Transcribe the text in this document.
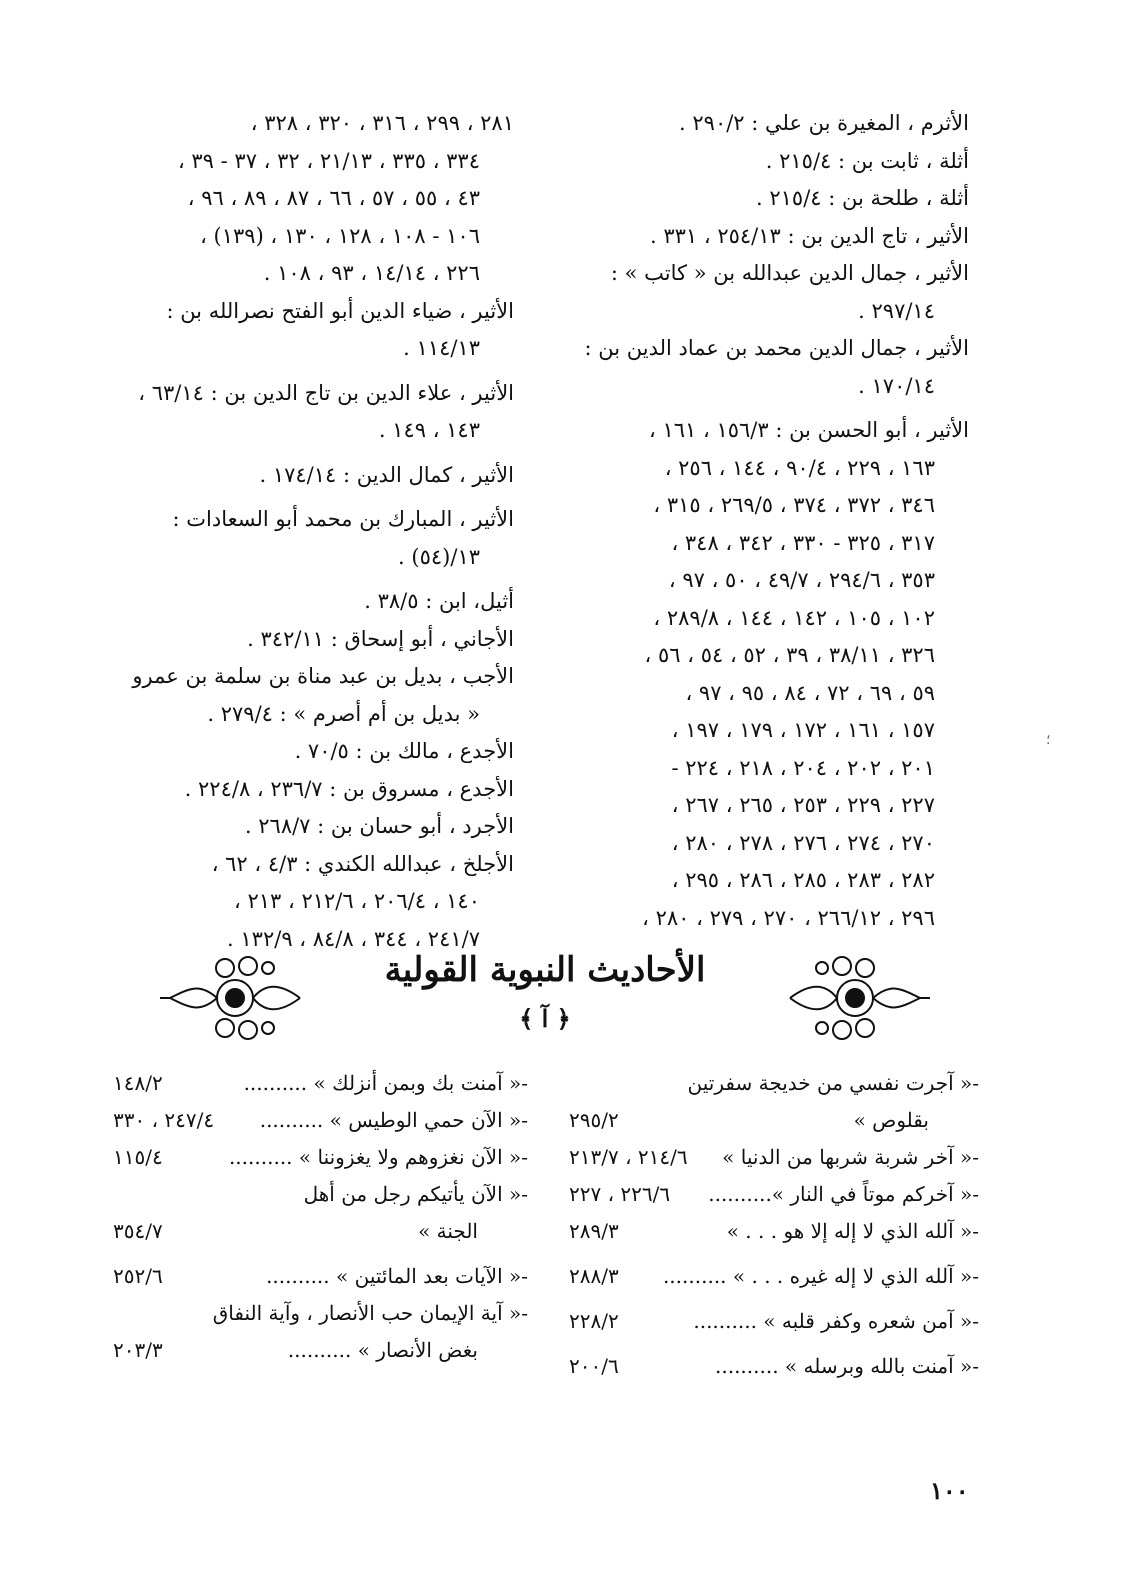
الأثرم ، المغيرة بن علي : ٢٩٠/٢ .
أثلة ، ثابت بن : ٢١٥/٤ .
أثلة ، طلحة بن : ٢١٥/٤ .
الأثير ، تاج الدين بن : ٢٥٤/١٣ ، ٣٣١ .
الأثير ، جمال الدين عبدالله بن « كاتب » :
٢٩٧/١٤ .
الأثير ، جمال الدين محمد بن عماد الدين بن :
١٧٠/١٤ .
الأثير ، أبو الحسن بن : ١٥٦/٣ ، ١٦١ ،
١٦٣ ، ٢٢٩ ، ٩٠/٤ ، ١٤٤ ، ٢٥٦ ،
٣٤٦ ، ٣٧٢ ، ٣٧٤ ، ٢٦٩/٥ ، ٣١٥ ،
٣١٧ ، ٣٢٥ - ٣٣٠ ، ٣٤٢ ، ٣٤٨ ،
٣٥٣ ، ٢٩٤/٦ ، ٤٩/٧ ، ٥٠ ، ٩٧ ،
١٠٢ ، ١٠٥ ، ١٤٢ ، ١٤٤ ، ٢٨٩/٨ ،
٣٢٦ ، ٣٨/١١ ، ٣٩ ، ٥٢ ، ٥٤ ، ٥٦ ،
٥٩ ، ٦٩ ، ٧٢ ، ٨٤ ، ٩٥ ، ٩٧ ،
١٥٧ ، ١٦١ ، ١٧٢ ، ١٧٩ ، ١٩٧ ،
٢٠١ ، ٢٠٢ ، ٢٠٤ ، ٢١٨ ، ٢٢٤ -
٢٢٧ ، ٢٢٩ ، ٢٥٣ ، ٢٦٥ ، ٢٦٧ ،
٢٧٠ ، ٢٧٤ ، ٢٧٦ ، ٢٧٨ ، ٢٨٠ ،
٢٨٢ ، ٢٨٣ ، ٢٨٥ ، ٢٨٦ ، ٢٩٥ ،
٢٩٦ ، ٢٦٦/١٢ ، ٢٧٠ ، ٢٧٩ ، ٢٨٠ ،
٢٨١ ، ٢٩٩ ، ٣١٦ ، ٣٢٠ ، ٣٢٨ ،
٣٣٤ ، ٣٣٥ ، ٢١/١٣ ، ٣٢ ، ٣٧ - ٣٩ ،
٤٣ ، ٥٥ ، ٥٧ ، ٦٦ ، ٨٧ ، ٨٩ ، ٩٦ ،
١٠٦ - ١٠٨ ، ١٢٨ ، ١٣٠ ، (١٣٩) ،
٢٢٦ ، ١٤/١٤ ، ٩٣ ، ١٠٨ .
الأثير ، ضياء الدين أبو الفتح نصرالله بن :
١١٤/١٣ .
الأثير ، علاء الدين بن تاج الدين بن : ٦٣/١٤ ،
١٤٣ ، ١٤٩ .
الأثير ، كمال الدين : ١٧٤/١٤ .
الأثير ، المبارك بن محمد أبو السعادات :
١٣/(٥٤) .
أثيل، ابن : ٣٨/٥ .
الأجاني ، أبو إسحاق : ٣٤٢/١١ .
الأجب ، بديل بن عبد مناة بن سلمة بن عمرو
« بديل بن أم أصرم » : ٢٧٩/٤ .
الأجدع ، مالك بن : ٧٠/٥ .
الأجدع ، مسروق بن : ٢٣٦/٧ ، ٢٢٤/٨ .
الأجرد ، أبو حسان بن : ٢٦٨/٧ .
الأجلخ ، عبدالله الكندي : ٤/٣ ، ٦٢ ،
١٤٠ ، ٢٠٦/٤ ، ٢١٢/٦ ، ٢١٣ ،
٢٤١/٧ ، ٣٤٤ ، ٨٤/٨ ، ١٣٢/٩ .
الأحاديث النبوية القولية
﴿ آ ﴾
-« آجرت نفسي من خديجة سفرتين
بقلوص »
٢٩٥/٢
-« آخر شربة شربها من الدنيا »
٢١٤/٦ ، ٢١٣/٧
-« آخركم موتاً في النار »..........
٢٢٦/٦ ، ٢٢٧
-« آلله الذي لا إله إلا هو . . . »
٢٨٩/٣
-« آلله الذي لا إله غيره . . . » ..........
٢٨٨/٣
-« آمن شعره وكفر قلبه » ..........
٢٢٨/٢
-« آمنت بالله وبرسله » ..........
٢٠٠/٦
-« آمنت بك وبمن أنزلك » ..........
١٤٨/٢
-« الآن حمي الوطيس » ..........
٢٤٧/٤ ، ٣٣٠
-« الآن نغزوهم ولا يغزوننا » ..........
١١٥/٤
-« الآن يأتيكم رجل من أهل
الجنة »
٣٥٤/٧
-« الآيات بعد المائتين » ..........
٢٥٢/٦
-« آية الإيمان حب الأنصار ، وآية النفاق
بغض الأنصار » ..........
٢٠٣/٣
١٠٠
؛
